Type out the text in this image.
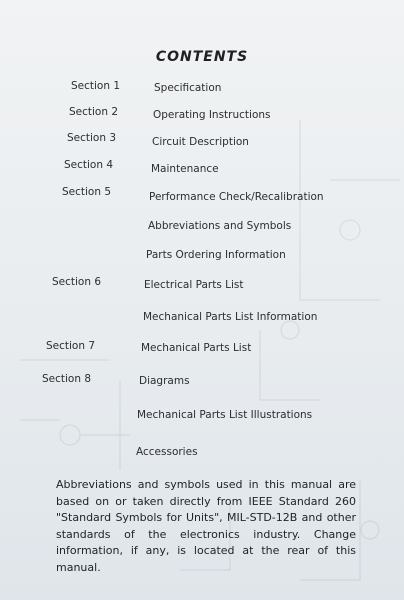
CONTENTS
Section 1	Specification
Section 2	Operating Instructions
Section 3	Circuit Description
Section 4	Maintenance
Section 5	Performance Check/Recalibration
Abbreviations and Symbols
Parts Ordering Information
Section 6	Electrical Parts List
Mechanical Parts List Information
Section 7	Mechanical Parts List
Section 8	Diagrams
Mechanical Parts List Illustrations
Accessories
Abbreviations and symbols used in this manual are based on or taken directly from IEEE Standard 260 "Standard Symbols for Units", MIL-STD-12B and other standards of the electronics industry. Change information, if any, is located at the rear of this manual.
